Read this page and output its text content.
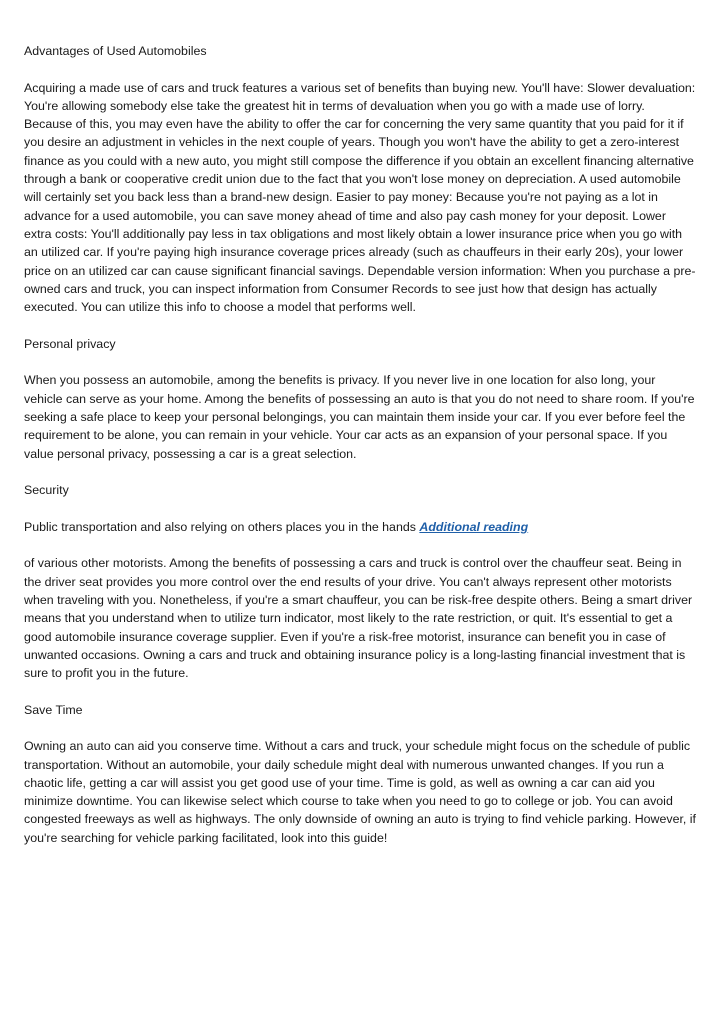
Advantages of Used Automobiles

Acquiring a made use of cars and truck features a various set of benefits than buying new. You'll have: Slower devaluation: You're allowing somebody else take the greatest hit in terms of devaluation when you go with a made use of lorry. Because of this, you may even have the ability to offer the car for concerning the very same quantity that you paid for it if you desire an adjustment in vehicles in the next couple of years. Though you won't have the ability to get a zero-interest finance as you could with a new auto, you might still compose the difference if you obtain an excellent financing alternative through a bank or cooperative credit union due to the fact that you won't lose money on depreciation. A used automobile will certainly set you back less than a brand-new design. Easier to pay money: Because you're not paying as a lot in advance for a used automobile, you can save money ahead of time and also pay cash money for your deposit. Lower extra costs: You'll additionally pay less in tax obligations and most likely obtain a lower insurance price when you go with an utilized car. If you're paying high insurance coverage prices already (such as chauffeurs in their early 20s), your lower price on an utilized car can cause significant financial savings. Dependable version information: When you purchase a pre-owned cars and truck, you can inspect information from Consumer Records to see just how that design has actually executed. You can utilize this info to choose a model that performs well.

Personal privacy

When you possess an automobile, among the benefits is privacy. If you never live in one location for also long, your vehicle can serve as your home. Among the benefits of possessing an auto is that you do not need to share room. If you're seeking a safe place to keep your personal belongings, you can maintain them inside your car. If you ever before feel the requirement to be alone, you can remain in your vehicle. Your car acts as an expansion of your personal space. If you value personal privacy, possessing a car is a great selection.

Security

Public transportation and also relying on others places you in the hands Additional reading

of various other motorists. Among the benefits of possessing a cars and truck is control over the chauffeur seat. Being in the driver seat provides you more control over the end results of your drive. You can't always represent other motorists when traveling with you. Nonetheless, if you're a smart chauffeur, you can be risk-free despite others. Being a smart driver means that you understand when to utilize turn indicator, most likely to the rate restriction, or quit. It's essential to get a good automobile insurance coverage supplier. Even if you're a risk-free motorist, insurance can benefit you in case of unwanted occasions. Owning a cars and truck and obtaining insurance policy is a long-lasting financial investment that is sure to profit you in the future.

Save Time

Owning an auto can aid you conserve time. Without a cars and truck, your schedule might focus on the schedule of public transportation. Without an automobile, your daily schedule might deal with numerous unwanted changes. If you run a chaotic life, getting a car will assist you get good use of your time. Time is gold, as well as owning a car can aid you minimize downtime. You can likewise select which course to take when you need to go to college or job. You can avoid congested freeways as well as highways. The only downside of owning an auto is trying to find vehicle parking. However, if you're searching for vehicle parking facilitated, look into this guide!
